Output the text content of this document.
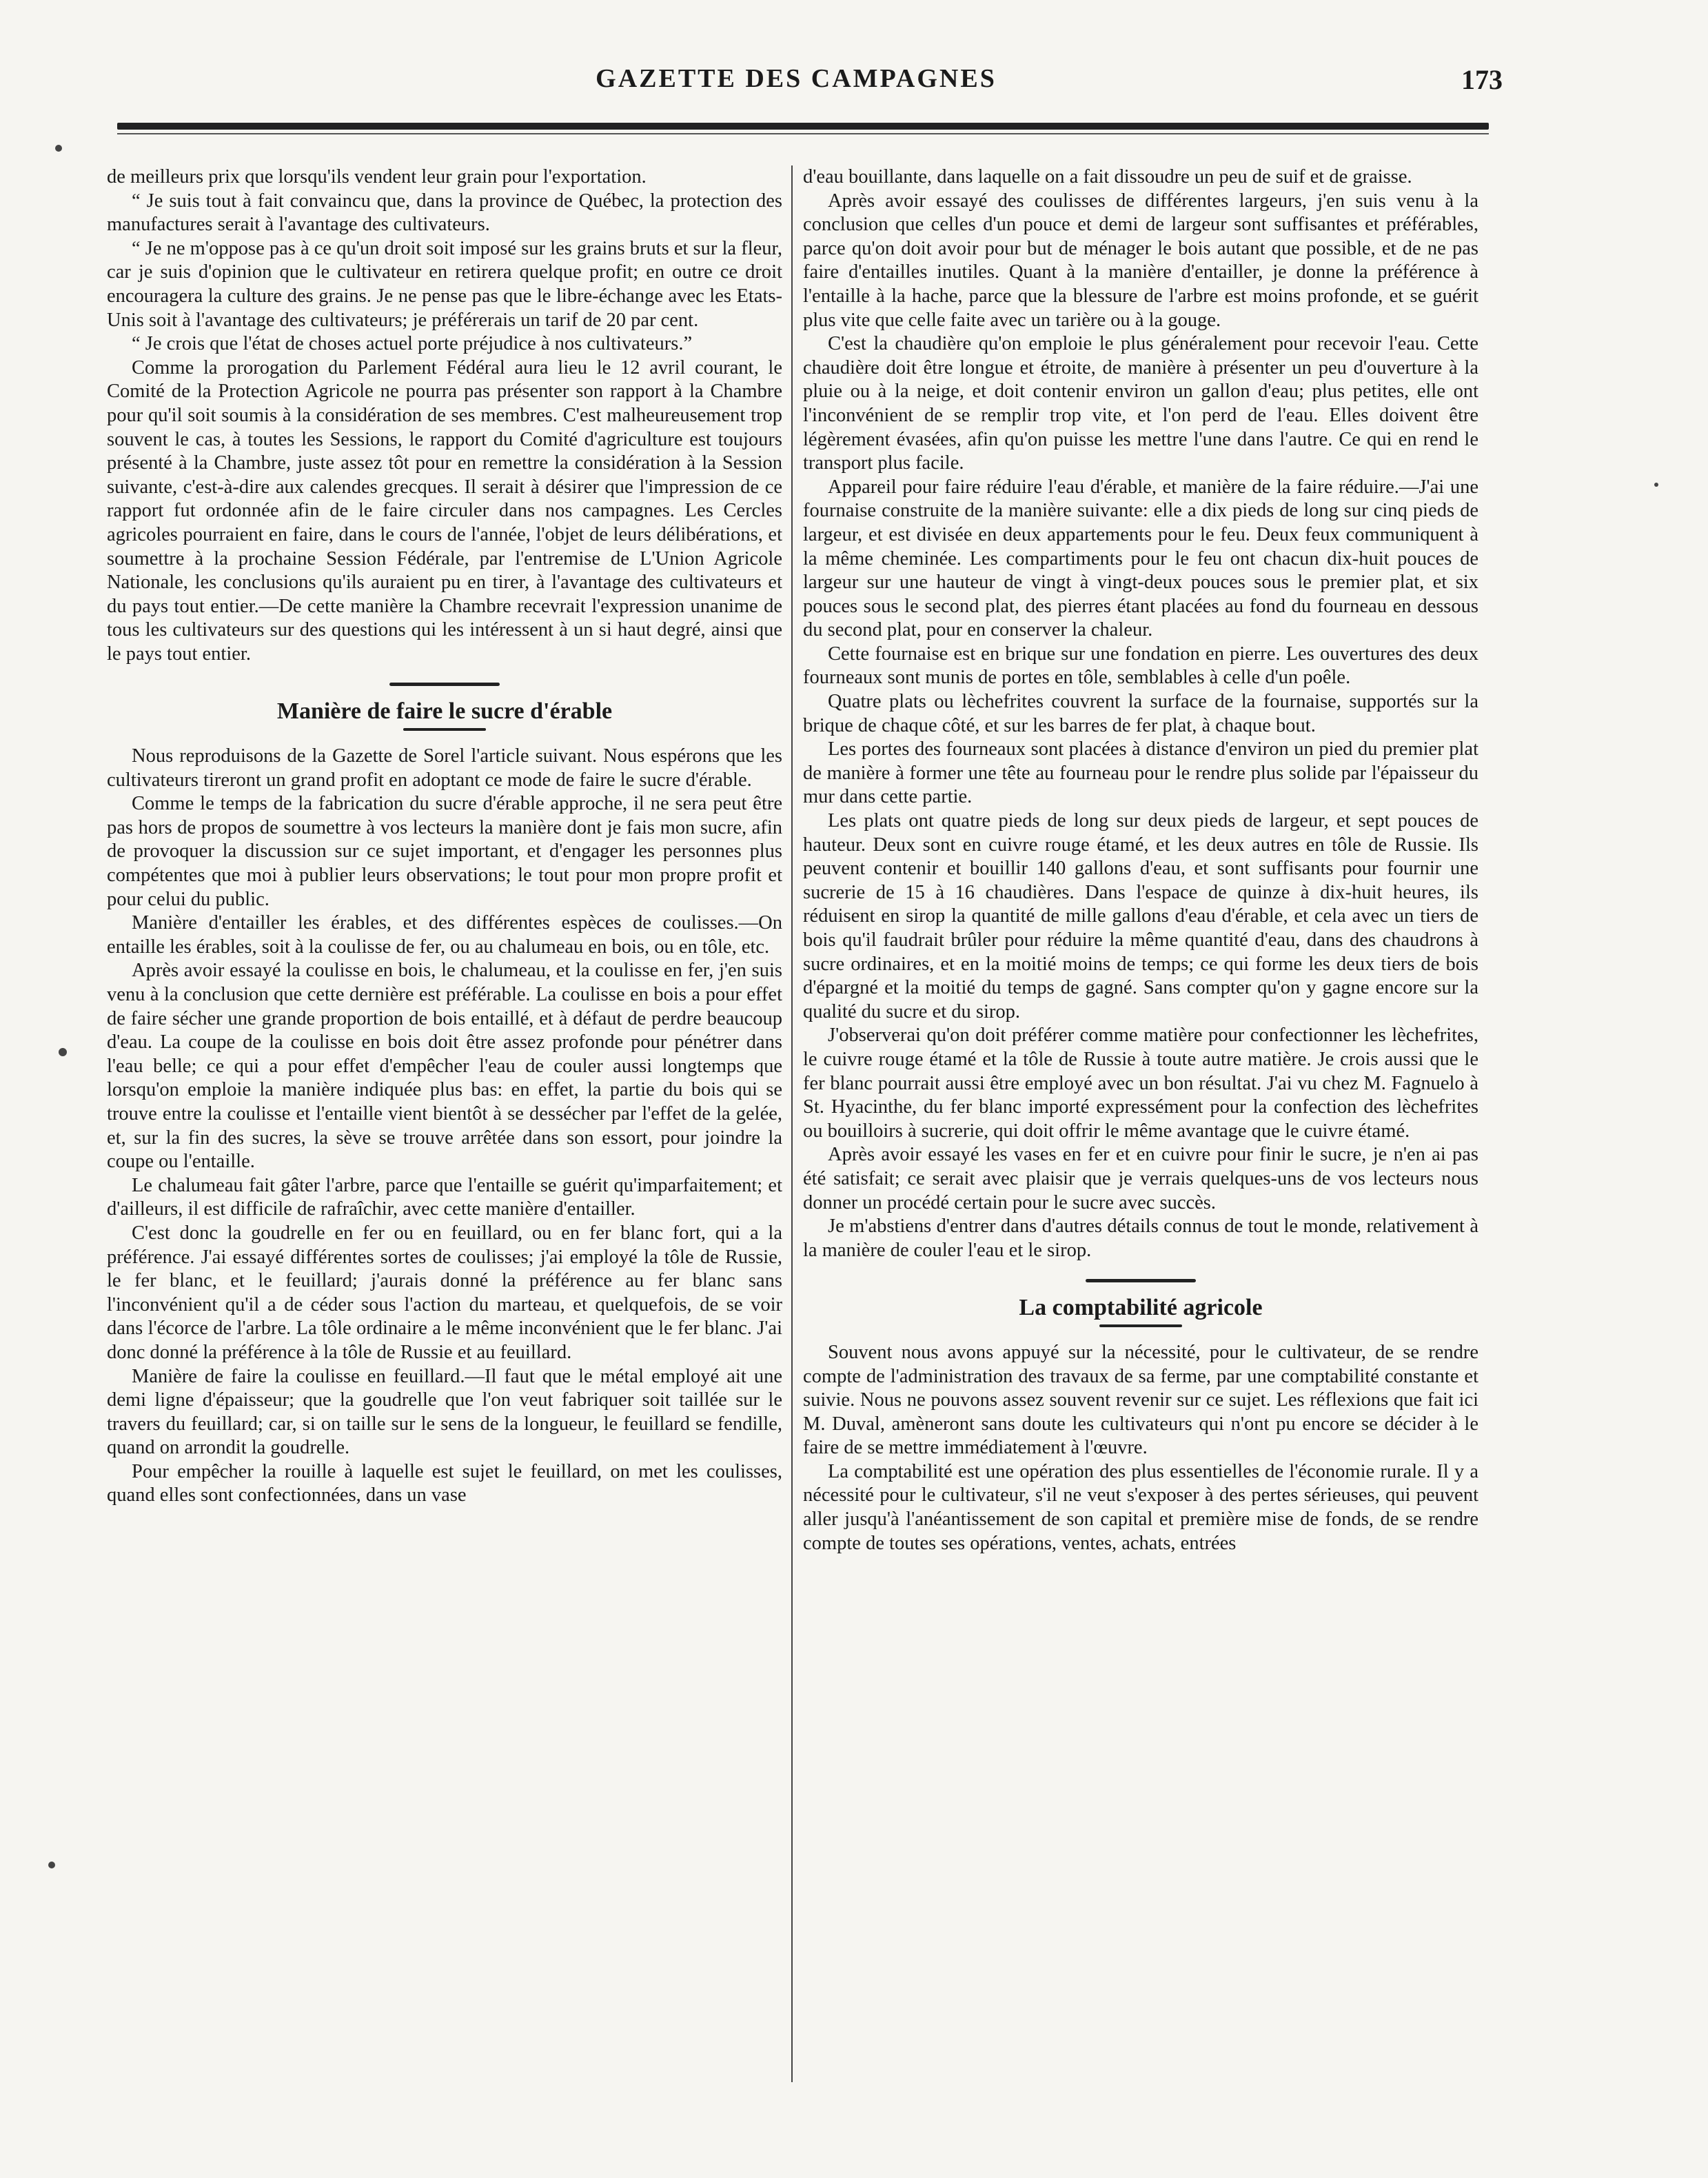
GAZETTE DES CAMPAGNES	173

de meilleurs prix que lorsqu'ils vendent leur grain pour l'exportation.

“ Je suis tout à fait convaincu que, dans la province de Québec, la protection des manufactures serait à l'avantage des cultivateurs.

“ Je ne m'oppose pas à ce qu'un droit soit imposé sur les grains bruts et sur la fleur, car je suis d'opinion que le cultivateur en retirera quelque profit; en outre ce droit encouragera la culture des grains. Je ne pense pas que le libre-échange avec les Etats-Unis soit à l'avantage des cultivateurs; je préférerais un tarif de 20 par cent.

“ Je crois que l'état de choses actuel porte préjudice à nos cultivateurs.”

Comme la prorogation du Parlement Fédéral aura lieu le 12 avril courant, le Comité de la Protection Agricole ne pourra pas présenter son rapport à la Chambre pour qu'il soit soumis à la considération de ses membres. C'est malheureusement trop souvent le cas, à toutes les Sessions, le rapport du Comité d'agriculture est toujours présenté à la Chambre, juste assez tôt pour en remettre la considération à la Session suivante, c'est-à-dire aux calendes grecques. Il serait à désirer que l'impression de ce rapport fut ordonnée afin de le faire circuler dans nos campagnes. Les Cercles agricoles pourraient en faire, dans le cours de l'année, l'objet de leurs délibérations, et soumettre à la prochaine Session Fédérale, par l'entremise de L'Union Agricole Nationale, les conclusions qu'ils auraient pu en tirer, à l'avantage des cultivateurs et du pays tout entier.—De cette manière la Chambre recevrait l'expression unanime de tous les cultivateurs sur des questions qui les intéressent à un si haut degré, ainsi que le pays tout entier.

Manière de faire le sucre d'érable

Nous reproduisons de la Gazette de Sorel l'article suivant. Nous espérons que les cultivateurs tireront un grand profit en adoptant ce mode de faire le sucre d'érable.

Comme le temps de la fabrication du sucre d'érable approche, il ne sera peut être pas hors de propos de soumettre à vos lecteurs la manière dont je fais mon sucre, afin de provoquer la discussion sur ce sujet important, et d'engager les personnes plus compétentes que moi à publier leurs observations; le tout pour mon propre profit et pour celui du public.

Manière d'entailler les érables, et des différentes espèces de coulisses.—On entaille les érables, soit à la coulisse de fer, ou au chalumeau en bois, ou en tôle, etc.

Après avoir essayé la coulisse en bois, le chalumeau, et la coulisse en fer, j'en suis venu à la conclusion que cette dernière est préférable. La coulisse en bois a pour effet de faire sécher une grande proportion de bois entaillé, et à défaut de perdre beaucoup d'eau. La coupe de la coulisse en bois doit être assez profonde pour pénétrer dans l'eau belle; ce qui a pour effet d'empêcher l'eau de couler aussi longtemps que lorsqu'on emploie la manière indiquée plus bas: en effet, la partie du bois qui se trouve entre la coulisse et l'entaille vient bientôt à se dessécher par l'effet de la gelée, et, sur la fin des sucres, la sève se trouve arrêtée dans son essort, pour joindre la coupe ou l'entaille.

Le chalumeau fait gâter l'arbre, parce que l'entaille se guérit qu'imparfaitement; et d'ailleurs, il est difficile de rafraîchir, avec cette manière d'entailler.

C'est donc la goudrelle en fer ou en feuillard, ou en fer blanc fort, qui a la préférence. J'ai essayé différentes sortes de coulisses; j'ai employé la tôle de Russie, le fer blanc, et le feuillard; j'aurais donné la préférence au fer blanc sans l'inconvénient qu'il a de céder sous l'action du marteau, et quelquefois, de se voir dans l'écorce de l'arbre. La tôle ordinaire a le même inconvénient que le fer blanc. J'ai donc donné la préférence à la tôle de Russie et au feuillard.

Manière de faire la coulisse en feuillard.—Il faut que le métal employé ait une demi ligne d'épaisseur; que la goudrelle que l'on veut fabriquer soit taillée sur le travers du feuillard; car, si on taille sur le sens de la longueur, le feuillard se fendille, quand on arrondit la goudrelle.

Pour empêcher la rouille à laquelle est sujet le feuillard, on met les coulisses, quand elles sont confectionnées, dans un vase

d'eau bouillante, dans laquelle on a fait dissoudre un peu de suif et de graisse.

Après avoir essayé des coulisses de différentes largeurs, j'en suis venu à la conclusion que celles d'un pouce et demi de largeur sont suffisantes et préférables, parce qu'on doit avoir pour but de ménager le bois autant que possible, et de ne pas faire d'entailles inutiles. Quant à la manière d'entailler, je donne la préférence à l'entaille à la hache, parce que la blessure de l'arbre est moins profonde, et se guérit plus vite que celle faite avec un tarière ou à la gouge.

C'est la chaudière qu'on emploie le plus généralement pour recevoir l'eau. Cette chaudière doit être longue et étroite, de manière à présenter un peu d'ouverture à la pluie ou à la neige, et doit contenir environ un gallon d'eau; plus petites, elle ont l'inconvénient de se remplir trop vite, et l'on perd de l'eau. Elles doivent être légèrement évasées, afin qu'on puisse les mettre l'une dans l'autre. Ce qui en rend le transport plus facile.

Appareil pour faire réduire l'eau d'érable, et manière de la faire réduire.—J'ai une fournaise construite de la manière suivante: elle a dix pieds de long sur cinq pieds de largeur, et est divisée en deux appartements pour le feu. Deux feux communiquent à la même cheminée. Les compartiments pour le feu ont chacun dix-huit pouces de largeur sur une hauteur de vingt à vingt-deux pouces sous le premier plat, et six pouces sous le second plat, des pierres étant placées au fond du fourneau en dessous du second plat, pour en conserver la chaleur.

Cette fournaise est en brique sur une fondation en pierre. Les ouvertures des deux fourneaux sont munis de portes en tôle, semblables à celle d'un poêle.

Quatre plats ou lèchefrites couvrent la surface de la fournaise, supportés sur la brique de chaque côté, et sur les barres de fer plat, à chaque bout.

Les portes des fourneaux sont placées à distance d'environ un pied du premier plat de manière à former une tête au fourneau pour le rendre plus solide par l'épaisseur du mur dans cette partie.

Les plats ont quatre pieds de long sur deux pieds de largeur, et sept pouces de hauteur. Deux sont en cuivre rouge étamé, et les deux autres en tôle de Russie. Ils peuvent contenir et bouillir 140 gallons d'eau, et sont suffisants pour fournir une sucrerie de 15 à 16 chaudières. Dans l'espace de quinze à dix-huit heures, ils réduisent en sirop la quantité de mille gallons d'eau d'érable, et cela avec un tiers de bois qu'il faudrait brûler pour réduire la même quantité d'eau, dans des chaudrons à sucre ordinaires, et en la moitié moins de temps; ce qui forme les deux tiers de bois d'épargné et la moitié du temps de gagné. Sans compter qu'on y gagne encore sur la qualité du sucre et du sirop.

J'observerai qu'on doit préférer comme matière pour confectionner les lèchefrites, le cuivre rouge étamé et la tôle de Russie à toute autre matière. Je crois aussi que le fer blanc pourrait aussi être employé avec un bon résultat. J'ai vu chez M. Fagnuelo à St. Hyacinthe, du fer blanc importé expressément pour la confection des lèchefrites ou bouilloirs à sucrerie, qui doit offrir le même avantage que le cuivre étamé.

Après avoir essayé les vases en fer et en cuivre pour finir le sucre, je n'en ai pas été satisfait; ce serait avec plaisir que je verrais quelques-uns de vos lecteurs nous donner un procédé certain pour le sucre avec succès.

Je m'abstiens d'entrer dans d'autres détails connus de tout le monde, relativement à la manière de couler l'eau et le sirop.

La comptabilité agricole

Souvent nous avons appuyé sur la nécessité, pour le cultivateur, de se rendre compte de l'administration des travaux de sa ferme, par une comptabilité constante et suivie. Nous ne pouvons assez souvent revenir sur ce sujet. Les réflexions que fait ici M. Duval, amèneront sans doute les cultivateurs qui n'ont pu encore se décider à le faire de se mettre immédiatement à l'œuvre.

La comptabilité est une opération des plus essentielles de l'économie rurale. Il y a nécessité pour le cultivateur, s'il ne veut s'exposer à des pertes sérieuses, qui peuvent aller jusqu'à l'anéantissement de son capital et première mise de fonds, de se rendre compte de toutes ses opérations, ventes, achats, entrées
